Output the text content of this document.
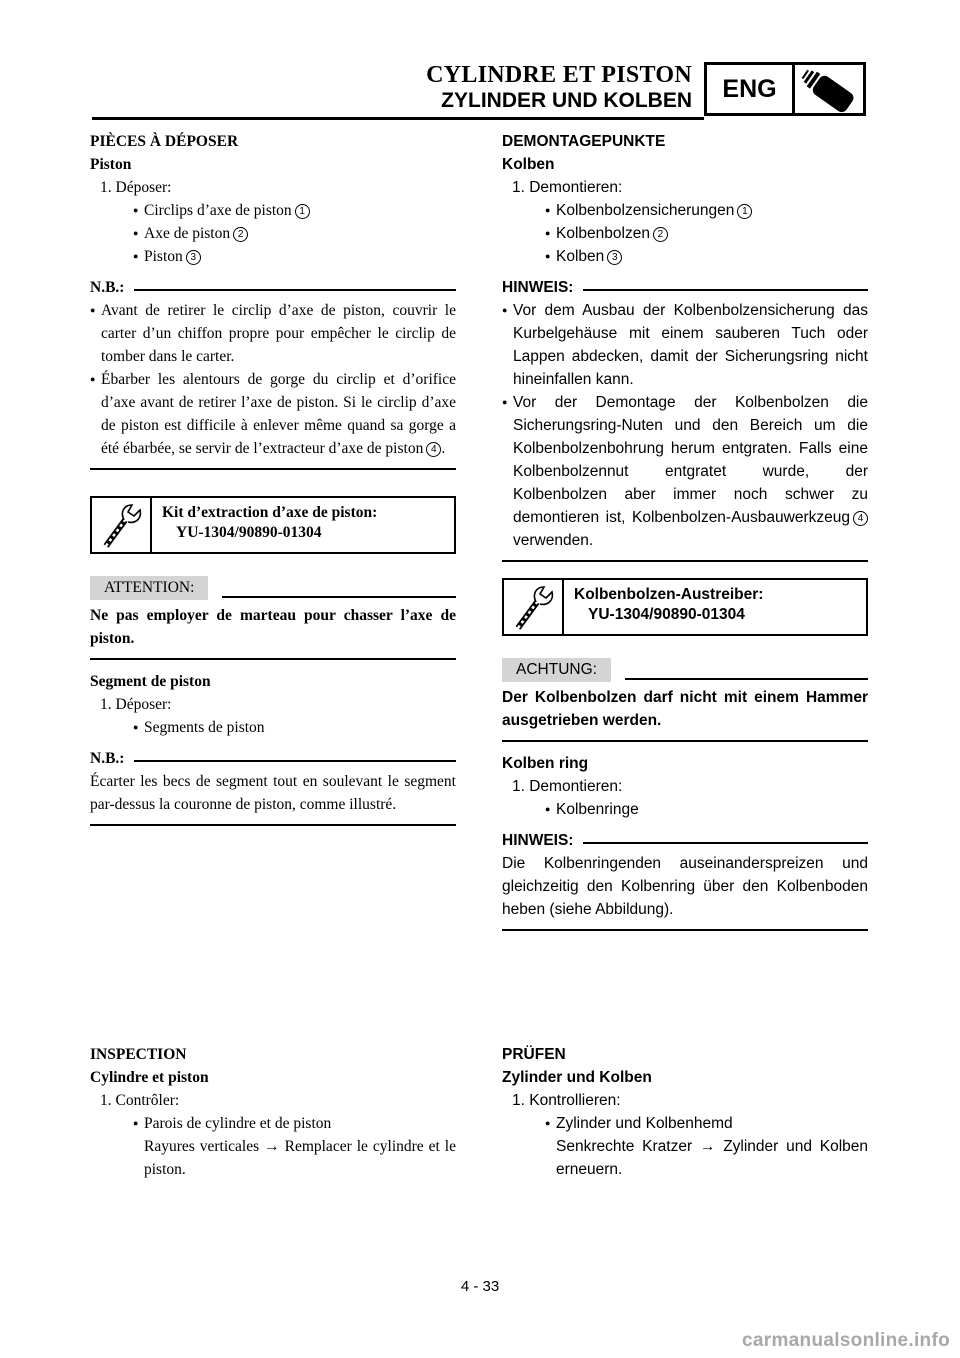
CYLINDRE ET PISTON
ZYLINDER UND KOLBEN	ENG
PIÈCES À DÉPOSER
Piston
1. Déposer:
● Circlips d’axe de piston 1
● Axe de piston 2
● Piston 3
N.B.:
● Avant de retirer le circlip d’axe de piston, couvrir le carter d’un chiffon propre pour empêcher le circlip de tomber dans le carter.
● Ébarber les alentours de gorge du circlip et d’orifice d’axe avant de retirer l’axe de piston. Si le circlip d’axe de piston est difficile à enlever même quand sa gorge a été ébarbée, se servir de l’extracteur d’axe de piston 4 .
Kit d’extraction d’axe de piston:
YU-1304/90890-01304
ATTENTION:
Ne pas employer de marteau pour chasser l’axe de piston.
Segment de piston
1. Déposer:
● Segments de piston
N.B.:
Écarter les becs de segment tout en soulevant le segment par-dessus la couronne de piston, comme illustré.
DEMONTAGEPUNKTE
Kolben
1. Demontieren:
● Kolbenbolzensicherungen 1
● Kolbenbolzen 2
● Kolben 3
HINWEIS:
● Vor dem Ausbau der Kolbenbolzensicherung das Kurbelgehäuse mit einem sauberen Tuch oder Lappen abdecken, damit der Sicherungsring nicht hineinfallen kann.
● Vor der Demontage der Kolbenbolzen die Sicherungsring-Nuten und den Bereich um die Kolbenbolzenbohrung herum entgraten. Falls eine Kolbenbolzennut entgratet wurde, der Kolbenbolzen aber immer noch schwer zu demontieren ist, Kolbenbolzen-Ausbauwerkzeug 4 verwenden.
Kolbenbolzen-Austreiber:
YU-1304/90890-01304
ACHTUNG:
Der Kolbenbolzen darf nicht mit einem Hammer ausgetrieben werden.
Kolben ring
1. Demontieren:
● Kolbenringe
HINWEIS:
Die Kolbenringenden auseinanderspreizen und gleichzeitig den Kolbenring über den Kolbenboden heben (siehe Abbildung).
INSPECTION
Cylindre et piston
1. Contrôler:
● Parois de cylindre et de piston
Rayures verticales → Remplacer le cylindre et le piston.
PRÜFEN
Zylinder und Kolben
1. Kontrollieren:
● Zylinder und Kolbenhemd
Senkrechte Kratzer → Zylinder und Kolben erneuern.
4 - 33
carmanualsonline.info
